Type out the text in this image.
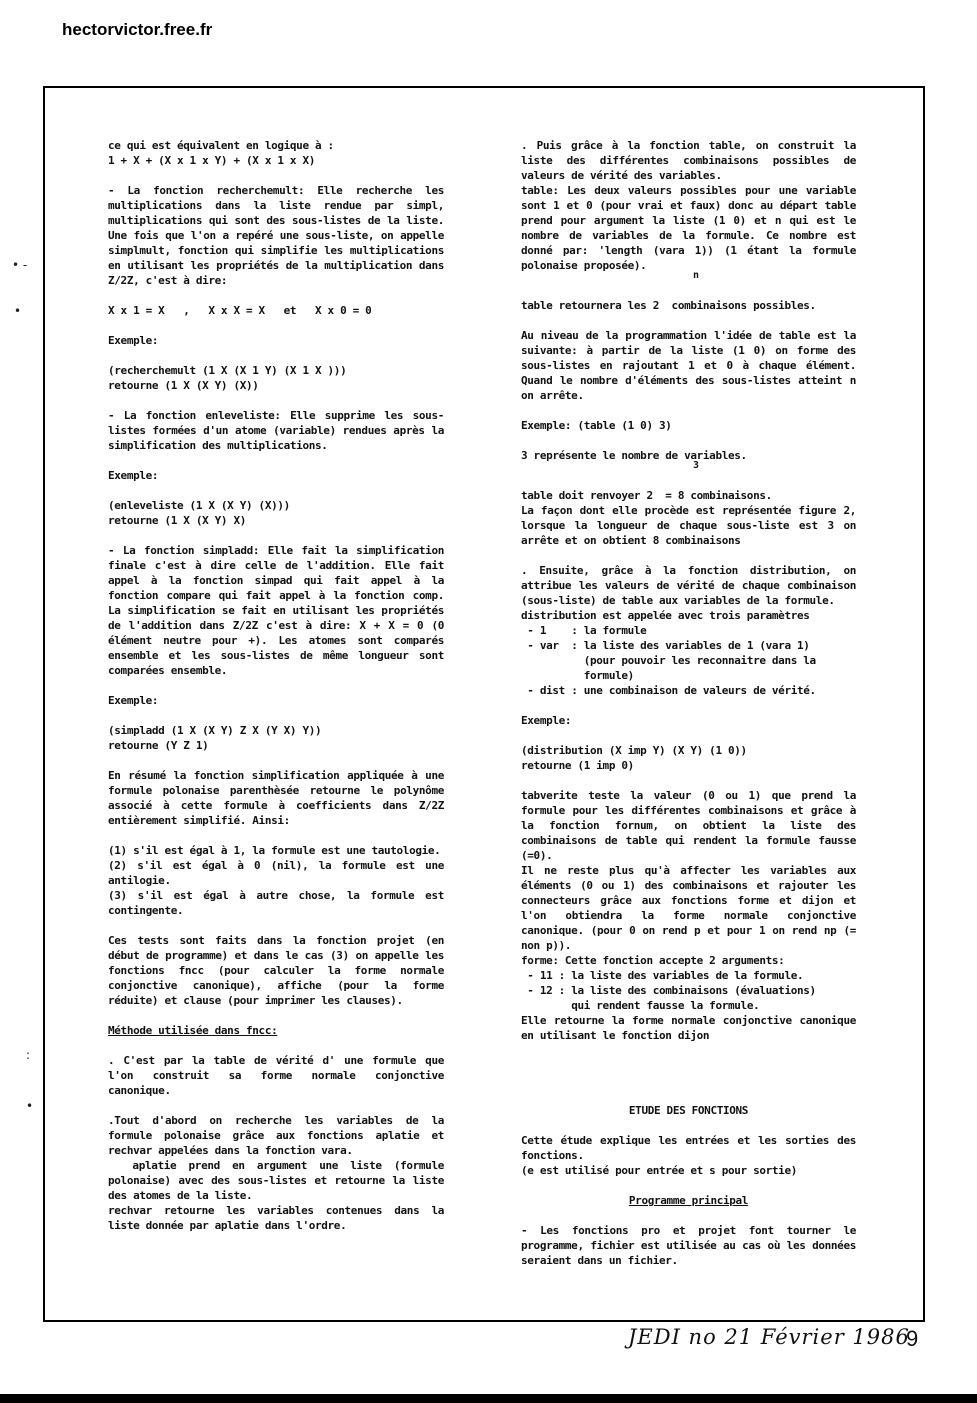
hectorvictor.free.fr
• -
•
:
•

ce qui est équivalent en logique à :

1 + X + (X x 1 x Y) + (X x 1 x X)

- La fonction recherchemult: Elle recherche les multiplications dans la liste rendue par simpl, multiplications qui sont des sous-listes de la liste. Une fois que l'on a repéré une sous-liste, on appelle simplmult, fonction qui simplifie les multiplications en utilisant les propriétés de la multiplication dans Z/2Z, c'est à dire:

X x 1 = X   ,   X x X = X   et   X x 0 = 0

Exemple:

(recherchemult (1 X (X 1 Y) (X 1 X )))
retourne (1 X (X Y) (X))

- La fonction enleveliste: Elle supprime les sous-listes formées d'un atome (variable) rendues après la simplification des multiplications.

Exemple:

(enleveliste (1 X (X Y) (X)))
retourne (1 X (X Y) X)

- La fonction simpladd: Elle fait la simplification finale c'est à dire celle de l'addition. Elle fait appel à la fonction simpad qui fait appel à la fonction compare qui fait appel à la fonction comp. La simplification se fait en utilisant les propriétés de l'addition dans Z/2Z c'est à dire: X + X = 0 (0 élément neutre pour +). Les atomes sont comparés ensemble et les sous-listes de même longueur sont comparées ensemble.

Exemple:

(simpladd (1 X (X Y) Z X (Y X) Y))
retourne (Y Z 1)

En résumé la fonction simplification appliquée à une formule polonaise parenthèsée retourne le polynôme associé à cette formule à coefficients dans Z/2Z entièrement simplifié. Ainsi:

(1) s'il est égal à 1, la formule est une tautologie.
(2) s'il est égal à 0 (nil), la formule est une antilogie.
(3) s'il est égal à autre chose, la formule est contingente.

Ces tests sont faits dans la fonction projet (en début de programme) et dans le cas (3) on appelle les fonctions fncc (pour calculer la forme normale conjonctive canonique), affiche (pour la forme réduite) et clause (pour imprimer les clauses).

Méthode utilisée dans fncc:

. C'est par la table de vérité d' une formule que l'on construit sa forme normale conjonctive canonique.

.Tout d'abord on recherche les variables de la formule polonaise grâce aux fonctions aplatie et rechvar appelées dans la fonction vara.
aplatie prend en argument une liste (formule polonaise) avec des sous-listes et retourne la liste des atomes de la liste.
rechvar retourne les variables contenues dans la liste donnée par aplatie dans l'ordre.

. Puis grâce à la fonction table, on construit la liste des différentes combinaisons possibles de valeurs de vérité des variables.
table: Les deux valeurs possibles pour une variable sont 1 et 0 (pour vrai et faux) donc au départ table prend pour argument la liste (1 0) et n qui est le nombre de variables de la formule. Ce nombre est donné par: 'length (vara 1)) (1 étant la formule polonaise proposée).

n

table retournera les 2  combinaisons possibles.

Au niveau de la programmation l'idée de table est la suivante: à partir de la liste (1 0) on forme des sous-listes en rajoutant 1 et 0 à chaque élément. Quand le nombre d'éléments des sous-listes atteint n on arrête.

Exemple: (table (1 0) 3)

3 représente le nombre de variables.

3

table doit renvoyer 2  = 8 combinaisons.
La façon dont elle procède est représentée figure 2, lorsque la longueur de chaque sous-liste est 3 on arrête et on obtient 8 combinaisons

. Ensuite, grâce à la fonction distribution, on attribue les valeurs de vérité de chaque combinaison (sous-liste) de table aux variables de la formule.
distribution est appelée avec trois paramètres
- 1    : la formule
- var  : la liste des variables de 1 (vara 1)
(pour pouvoir les reconnaitre dans la
formule)
- dist : une combinaison de valeurs de vérité.

Exemple:

(distribution (X imp Y) (X Y) (1 0))
retourne (1 imp 0)

tabverite teste la valeur (0 ou 1) que prend la formule pour les différentes combinaisons et grâce à la fonction fornum, on obtient la liste des combinaisons de table qui rendent la formule fausse (=0).
Il ne reste plus qu'à affecter les variables aux éléments (0 ou 1) des combinaisons et rajouter les connecteurs grâce aux fonctions forme et dijon et l'on obtiendra la forme normale conjonctive canonique. (pour 0 on rend p et pour 1 on rend np (= non p)).
forme: Cette fonction accepte 2 arguments:
- 11 : la liste des variables de la formule.
- 12 : la liste des combinaisons (évaluations)
qui rendent fausse la formule.
Elle retourne la forme normale conjonctive canonique en utilisant le fonction dijon

ETUDE DES FONCTIONS

Cette étude explique les entrées et les sorties des fonctions.
(e est utilisé pour entrée et s pour sortie)

Programme principal

- Les fonctions pro et projet font tourner le programme, fichier est utilisée au cas où les données seraient dans un fichier.

JEDI no 21 Février 1986
9
